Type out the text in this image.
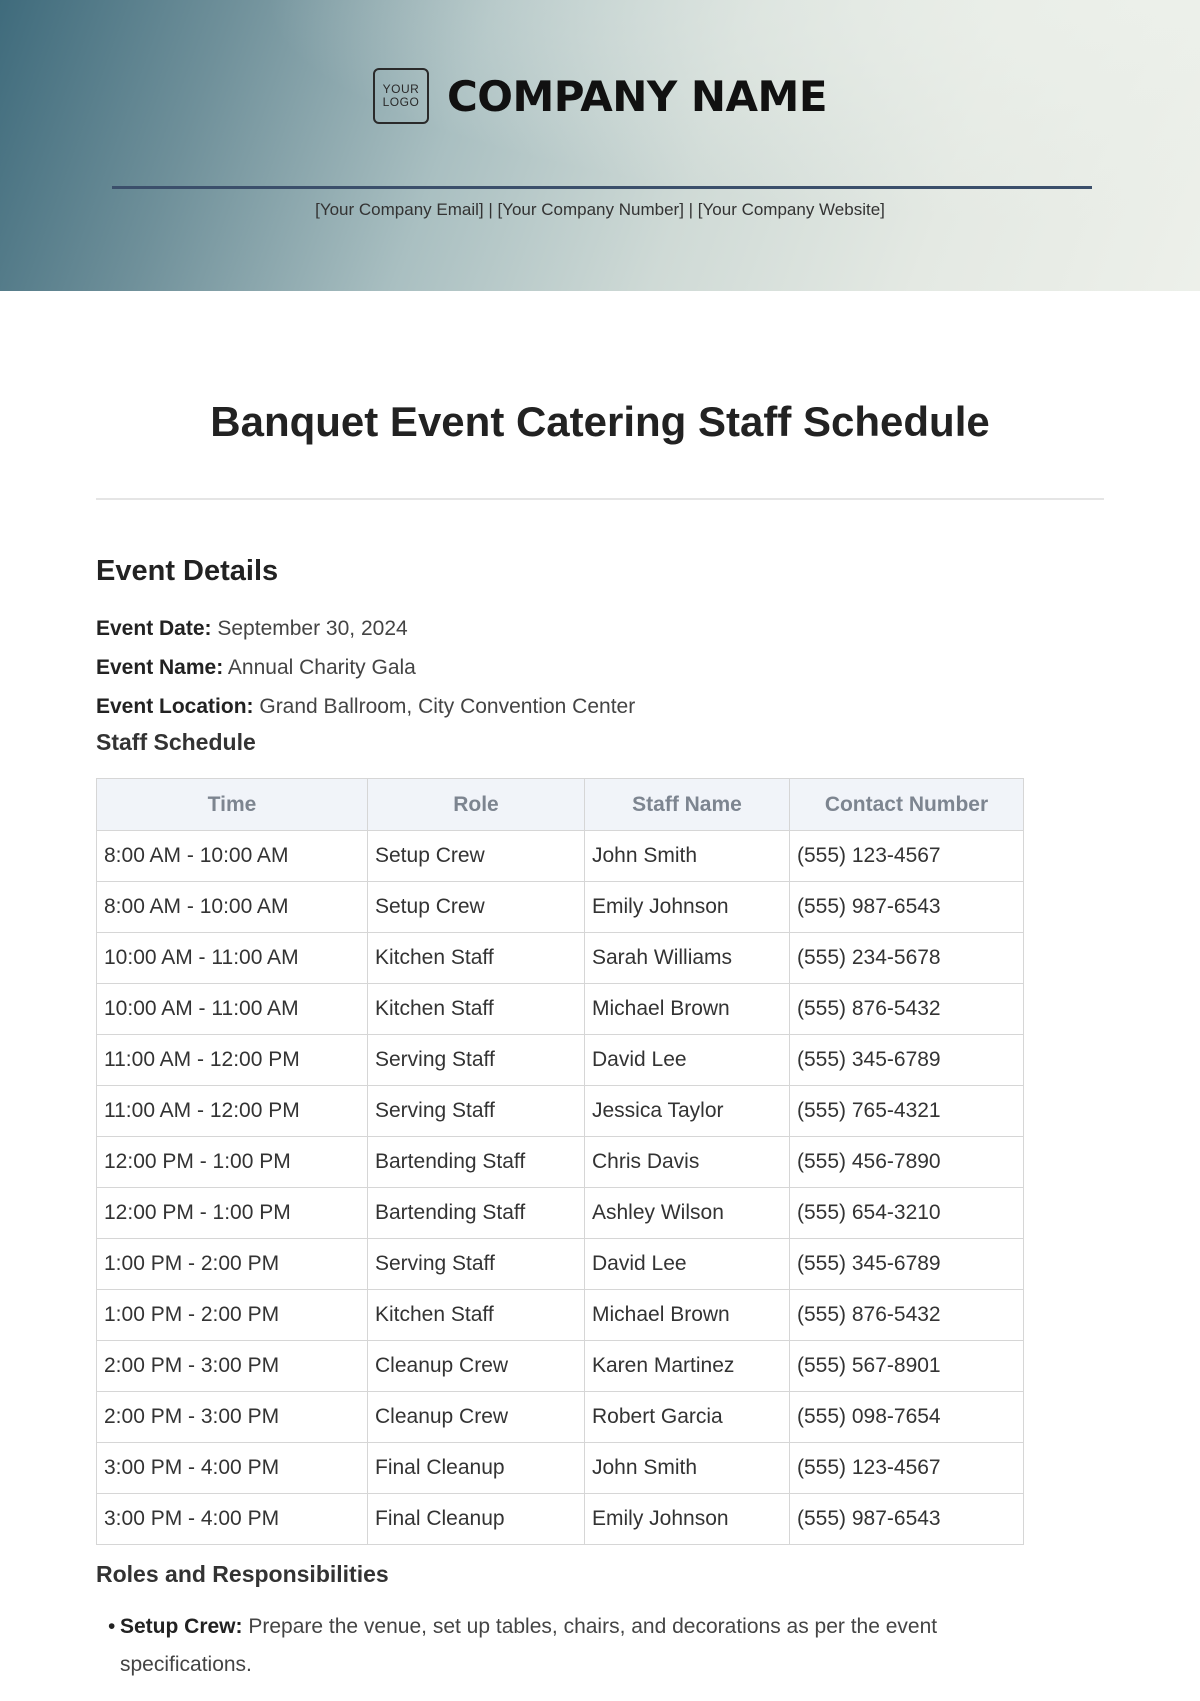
YOUR
LOGO COMPANY NAME
[Your Company Email] | [Your Company Number] | [Your Company Website]
Banquet Event Catering Staff Schedule
Event Details
Event Date: September 30, 2024
Event Name: Annual Charity Gala
Event Location: Grand Ballroom, City Convention Center
Staff Schedule
Time	Role	Staff Name	Contact Number
8:00 AM - 10:00 AM	Setup Crew	John Smith	(555) 123-4567
8:00 AM - 10:00 AM	Setup Crew	Emily Johnson	(555) 987-6543
10:00 AM - 11:00 AM	Kitchen Staff	Sarah Williams	(555) 234-5678
10:00 AM - 11:00 AM	Kitchen Staff	Michael Brown	(555) 876-5432
11:00 AM - 12:00 PM	Serving Staff	David Lee	(555) 345-6789
11:00 AM - 12:00 PM	Serving Staff	Jessica Taylor	(555) 765-4321
12:00 PM - 1:00 PM	Bartending Staff	Chris Davis	(555) 456-7890
12:00 PM - 1:00 PM	Bartending Staff	Ashley Wilson	(555) 654-3210
1:00 PM - 2:00 PM	Serving Staff	David Lee	(555) 345-6789
1:00 PM - 2:00 PM	Kitchen Staff	Michael Brown	(555) 876-5432
2:00 PM - 3:00 PM	Cleanup Crew	Karen Martinez	(555) 567-8901
2:00 PM - 3:00 PM	Cleanup Crew	Robert Garcia	(555) 098-7654
3:00 PM - 4:00 PM	Final Cleanup	John Smith	(555) 123-4567
3:00 PM - 4:00 PM	Final Cleanup	Emily Johnson	(555) 987-6543
Roles and Responsibilities
• Setup Crew: Prepare the venue, set up tables, chairs, and decorations as per the event specifications.
